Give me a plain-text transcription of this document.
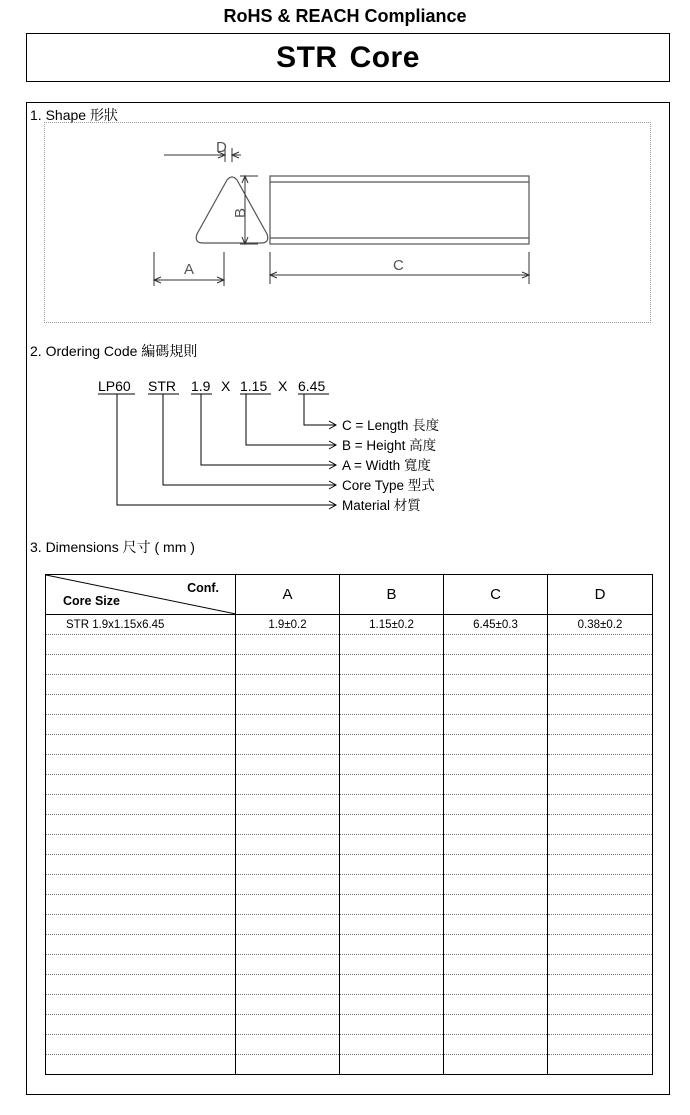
RoHS & REACH Compliance
STR Core
1. Shape 形狀
D
A
B
C
2. Ordering Code 編碼規則
LP60 STR 1.9 X 1.15 X 6.45
C = Length 長度
B = Height 高度
A = Width 寬度
Core Type 型式
Material 材質
3. Dimensions 尺寸 ( mm )
Conf.
Core Size	A	B	C	D
STR 1.9x1.15x6.45	1.9±0.2	1.15±0.2	6.45±0.3	0.38±0.2
